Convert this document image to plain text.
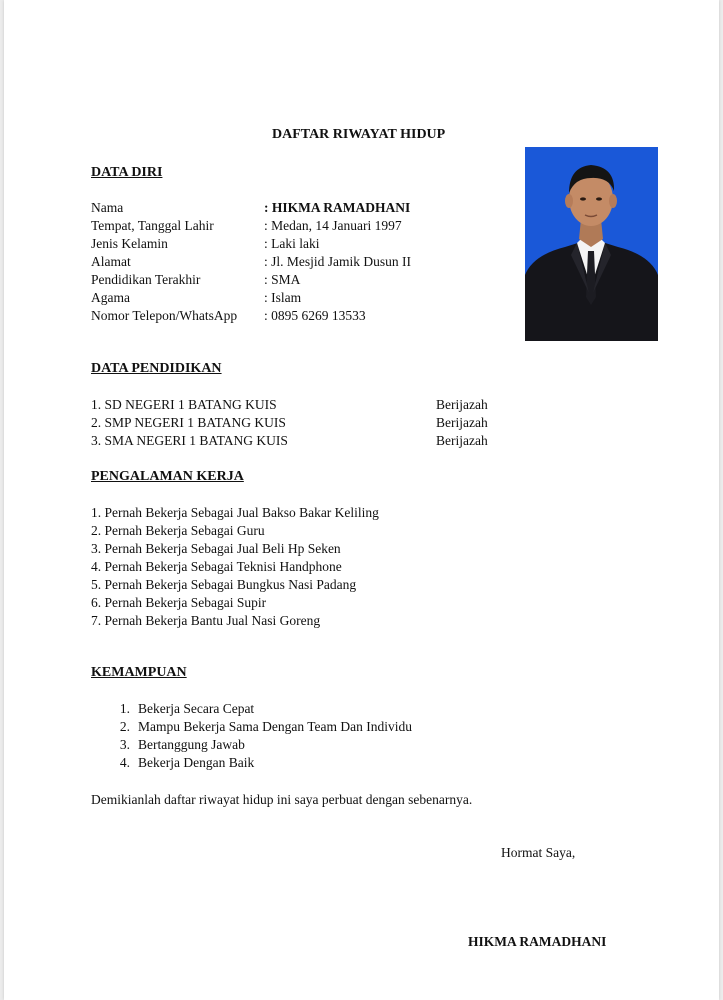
DAFTAR RIWAYAT HIDUP
DATA DIRI
Nama	: HIKMA RAMADHANI
Tempat, Tanggal Lahir	: Medan, 14 Januari 1997
Jenis Kelamin	: Laki laki
Alamat	: Jl. Mesjid Jamik Dusun II
Pendidikan Terakhir	: SMA
Agama	: Islam
Nomor Telepon/WhatsApp : 0895 6269 13533
DATA PENDIDIKAN
1. SD NEGERI 1 BATANG KUIS	Berijazah
2. SMP NEGERI 1 BATANG KUIS	Berijazah
3. SMA NEGERI 1 BATANG KUIS	Berijazah
PENGALAMAN KERJA
1. Pernah Bekerja Sebagai Jual Bakso Bakar Keliling
2. Pernah Bekerja Sebagai Guru
3. Pernah Bekerja Sebagai Jual Beli Hp Seken
4. Pernah Bekerja Sebagai Teknisi Handphone
5. Pernah Bekerja Sebagai Bungkus Nasi Padang
6. Pernah Bekerja Sebagai Supir
7. Pernah Bekerja Bantu Jual Nasi Goreng
KEMAMPUAN
1. Bekerja Secara Cepat
2. Mampu Bekerja Sama Dengan Team Dan Individu
3. Bertanggung Jawab
4. Bekerja Dengan Baik
Demikianlah daftar riwayat hidup ini saya perbuat dengan sebenarnya.
Hormat Saya,
HIKMA RAMADHANI
